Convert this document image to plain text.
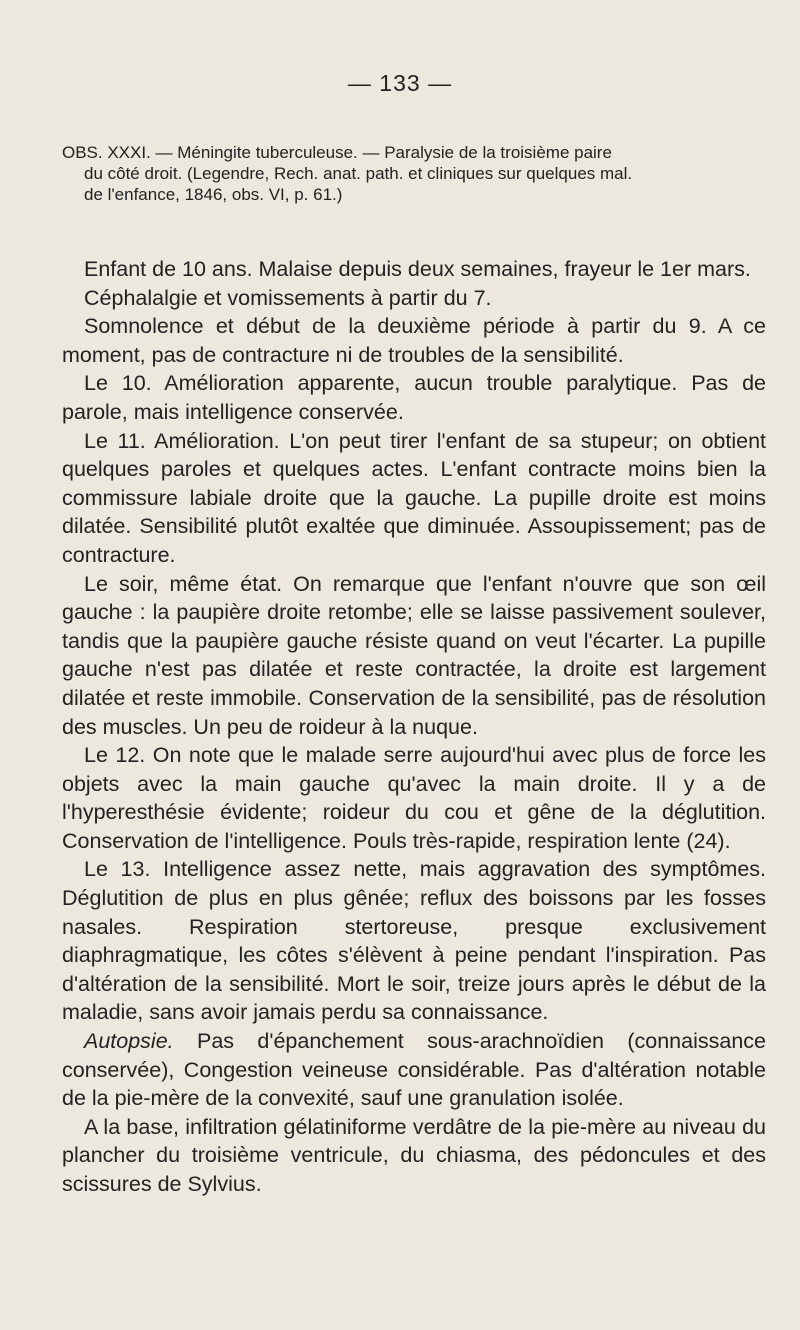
— 133 —
OBS. XXXI. — Méningite tuberculeuse. — Paralysie de la troisième paire
du côté droit. (Legendre, Rech. anat. path. et cliniques sur quelques mal.
de l'enfance, 1846, obs. VI, p. 61.)

Enfant de 10 ans. Malaise depuis deux semaines, frayeur le 1er mars.

Céphalalgie et vomissements à partir du 7.

Somnolence et début de la deuxième période à partir du 9. A ce moment, pas de contracture ni de troubles de la sensibilité.

Le 10. Amélioration apparente, aucun trouble paralytique. Pas de parole, mais intelligence conservée.

Le 11. Amélioration. L'on peut tirer l'enfant de sa stupeur; on obtient quelques paroles et quelques actes. L'enfant contracte moins bien la commissure labiale droite que la gauche. La pupille droite est moins dilatée. Sensibilité plutôt exaltée que diminuée. Assoupissement; pas de contracture.

Le soir, même état. On remarque que l'enfant n'ouvre que son œil gauche : la paupière droite retombe; elle se laisse passivement soulever, tandis que la paupière gauche résiste quand on veut l'écarter. La pupille gauche n'est pas dilatée et reste contractée, la droite est largement dilatée et reste immobile. Conservation de la sensibilité, pas de résolution des muscles. Un peu de roideur à la nuque.

Le 12. On note que le malade serre aujourd'hui avec plus de force les objets avec la main gauche qu'avec la main droite. Il y a de l'hyperesthésie évidente; roideur du cou et gêne de la déglutition. Conservation de l'intelligence. Pouls très-rapide, respiration lente (24).

Le 13. Intelligence assez nette, mais aggravation des symptômes. Déglutition de plus en plus gênée; reflux des boissons par les fosses nasales. Respiration stertoreuse, presque exclusivement diaphragmatique, les côtes s'élèvent à peine pendant l'inspiration. Pas d'altération de la sensibilité. Mort le soir, treize jours après le début de la maladie, sans avoir jamais perdu sa connaissance.

Autopsie. Pas d'épanchement sous-arachnoïdien (connaissance conservée), Congestion veineuse considérable. Pas d'altération notable de la pie-mère de la convexité, sauf une granulation isolée.

A la base, infiltration gélatiniforme verdâtre de la pie-mère au niveau du plancher du troisième ventricule, du chiasma, des pédoncules et des scissures de Sylvius.
